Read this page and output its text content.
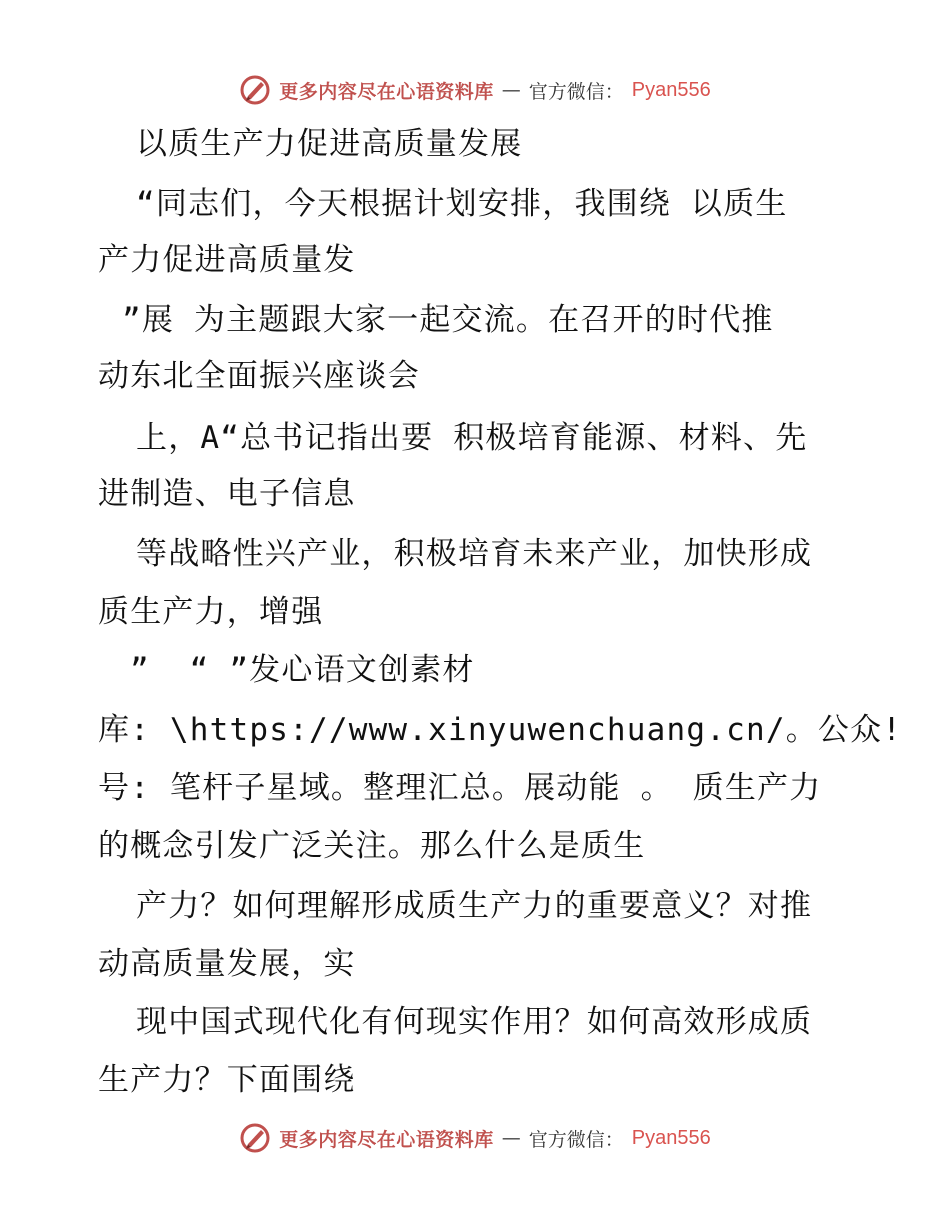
更多内容尽在心语资料库 — 官方微信： Pyan556
以质生产力促进高质量发展
“同志们，今天根据计划安排，我围绕 以质生
产力促进高质量发
”展 为主题跟大家一起交流。在召开的时代推
动东北全面振兴座谈会
上，A“总书记指出要 积极培育能源、材料、先
进制造、电子信息
等战略性兴产业，积极培育未来产业，加快形成
质生产力，增强
”  “ ”发心语文创素材
库: \https://www.xinyuwenchuang.cn/。公众!
号: 笔杆子星域。整理汇总。展动能 。 质生产力
的概念引发广泛关注。那么什么是质生
产力？如何理解形成质生产力的重要意义？对推
动高质量发展，实
现中国式现代化有何现实作用？如何高效形成质
生产力？下面围绕
更多内容尽在心语资料库 — 官方微信： Pyan556
